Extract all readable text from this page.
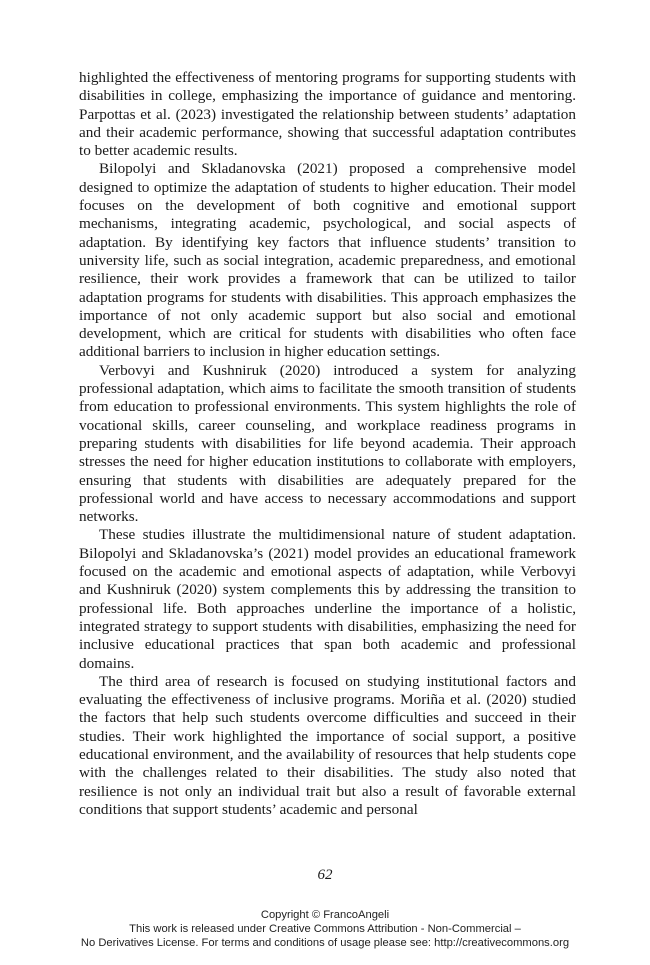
highlighted the effectiveness of mentoring programs for supporting students with disabilities in college, emphasizing the importance of guidance and mentoring. Parpottas et al. (2023) investigated the relationship between students’ adaptation and their academic performance, showing that successful adaptation contributes to better academic results.

Bilopolyi and Skladanovska (2021) proposed a comprehensive model designed to optimize the adaptation of students to higher education. Their model focuses on the development of both cognitive and emotional support mechanisms, integrating academic, psychological, and social aspects of adaptation. By identifying key factors that influence students’ transition to university life, such as social integration, academic preparedness, and emotional resilience, their work provides a framework that can be utilized to tailor adaptation programs for students with disabilities. This approach emphasizes the importance of not only academic support but also social and emotional development, which are critical for students with disabilities who often face additional barriers to inclusion in higher education settings.

Verbovyi and Kushniruk (2020) introduced a system for analyzing professional adaptation, which aims to facilitate the smooth transition of students from education to professional environments. This system highlights the role of vocational skills, career counseling, and workplace readiness programs in preparing students with disabilities for life beyond academia. Their approach stresses the need for higher education institutions to collaborate with employers, ensuring that students with disabilities are adequately prepared for the professional world and have access to necessary accommodations and support networks.

These studies illustrate the multidimensional nature of student adaptation. Bilopolyi and Skladanovska’s (2021) model provides an educational framework focused on the academic and emotional aspects of adaptation, while Verbovyi and Kushniruk (2020) system complements this by addressing the transition to professional life. Both approaches underline the importance of a holistic, integrated strategy to support students with disabilities, emphasizing the need for inclusive educational practices that span both academic and professional domains.

The third area of research is focused on studying institutional factors and evaluating the effectiveness of inclusive programs. Moriña et al. (2020) studied the factors that help such students overcome difficulties and succeed in their studies. Their work highlighted the importance of social support, a positive educational environment, and the availability of resources that help students cope with the challenges related to their disabilities. The study also noted that resilience is not only an individual trait but also a result of favorable external conditions that support students’ academic and personal

62
Copyright © FrancoAngeli
This work is released under Creative Commons Attribution - Non-Commercial –
No Derivatives License. For terms and conditions of usage please see: http://creativecommons.org
